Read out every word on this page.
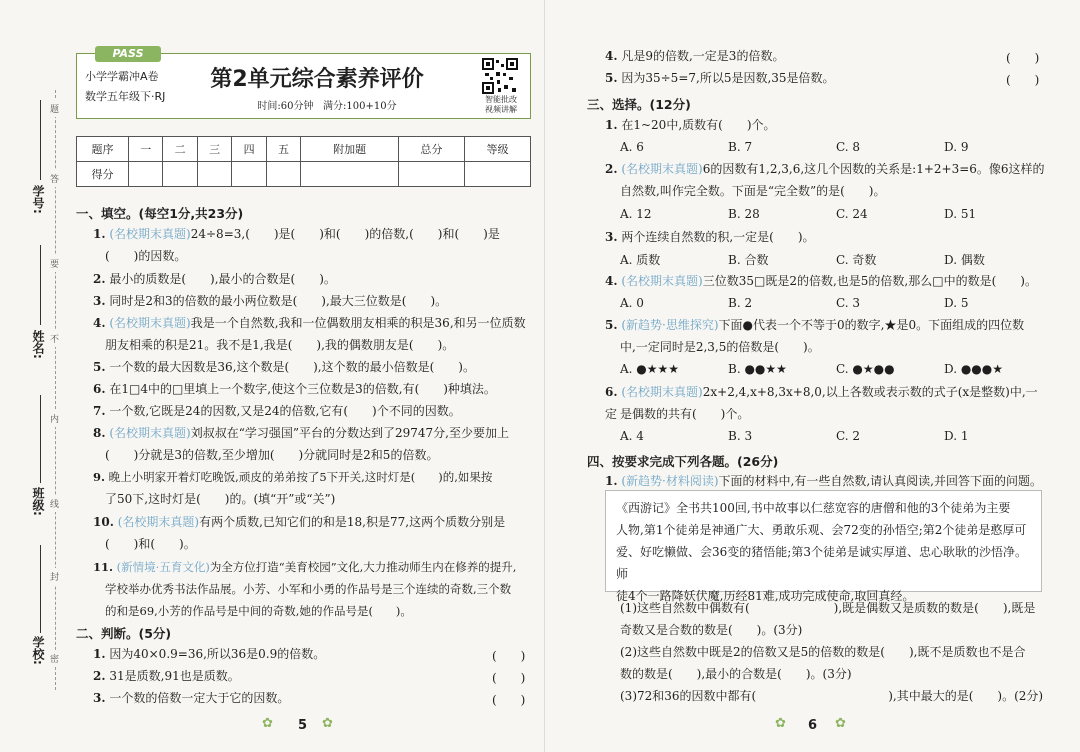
学号:
姓名:
班级:
学校:
题
答
要
不
内
线
封
密
PASS
小学学霸冲A卷
数学五年级下·RJ
第2单元综合素养评价
时间:60分钟 满分:100+10分
智能批改
视频讲解
题序	一	二	三	四	五	附加题	总分	等级
得分								
一、填空。(每空1分,共23分)
1. (名校期末真题)24÷8=3,(　　)是(　　)和(　　)的倍数,(　　)和(　　)是
(　　)的因数。
2. 最小的质数是(　　),最小的合数是(　　)。
3. 同时是2和3的倍数的最小两位数是(　　),最大三位数是(　　)。
4. (名校期末真题)我是一个自然数,我和一位偶数朋友相乘的积是36,和另一位质数
朋友相乘的积是21。我不是1,我是(　　),我的偶数朋友是(　　)。
5. 一个数的最大因数是36,这个数是(　　),这个数的最小倍数是(　　)。
6. 在1□4中的□里填上一个数字,使这个三位数是3的倍数,有(　　)种填法。
7. 一个数,它既是24的因数,又是24的倍数,它有(　　)个不同的因数。
8. (名校期末真题)刘叔叔在“学习强国”平台的分数达到了29747分,至少要加上
(　　)分就是3的倍数,至少增加(　　)分就同时是2和5的倍数。
9. 晚上小明家开着灯吃晚饭,顽皮的弟弟按了5下开关,这时灯是(　　)的,如果按
了50下,这时灯是(　　)的。(填“开”或“关”)
10. (名校期末真题)有两个质数,已知它们的和是18,积是77,这两个质数分别是
(　　)和(　　)。
11. (新情境·五育文化)为全方位打造“美育校园”文化,大力推动师生内在修养的提升,
学校举办优秀书法作品展。小芳、小军和小勇的作品号是三个连续的奇数,三个数
的和是69,小芳的作品号是中间的奇数,她的作品号是(　　)。
二、判断。(5分)
1. 因为40×0.9=36,所以36是0.9的倍数。	(　　)
2. 31是质数,91也是质数。	(　　)
3. 一个数的倍数一定大于它的因数。	(　　)
✿ 5 ✿
4. 凡是9的倍数,一定是3的倍数。	(　　)
5. 因为35÷5=7,所以5是因数,35是倍数。	(　　)
三、选择。(12分)
1. 在1~20中,质数有(　　)个。
A. 6	B. 7	C. 8	D. 9
2. (名校期末真题)6的因数有1,2,3,6,这几个因数的关系是:1+2+3=6。像6这样的
自然数,叫作完全数。下面是“完全数”的是(　　)。
A. 12	B. 28	C. 24	D. 51
3. 两个连续自然数的积,一定是(　　)。
A. 质数	B. 合数	C. 奇数	D. 偶数
4. (名校期末真题)三位数35□既是2的倍数,也是5的倍数,那么□中的数是(　　)。
A. 0	B. 2	C. 3	D. 5
5. (新趋势·思维探究)下面●代表一个不等于0的数字,★是0。下面组成的四位数
中,一定同时是2,3,5的倍数是(　　)。
A. ●★★★	B. ●●★★	C. ●★●●	D. ●●●★
6. (名校期末真题)2x+2,4,x+8,3x+8,0,以上各数或表示数的式子(x是整数)中,一定 是偶数的共有(　　)个。
A. 4	B. 3	C. 2	D. 1
四、按要求完成下列各题。(26分)
1. (新趋势·材料阅读)下面的材料中,有一些自然数,请认真阅读,并回答下面的问题。
《西游记》全书共100回,书中故事以仁慈宽容的唐僧和他的3个徒弟为主要
人物,第1个徒弟是神通广大、勇敢乐观、会72变的孙悟空;第2个徒弟是憨厚可
爱、好吃懒做、会36变的猪悟能;第3个徒弟是诚实厚道、忠心耿耿的沙悟净。师
徒4个一路降妖伏魔,历经81难,成功完成使命,取回真经。
(1)这些自然数中偶数有(　　　　　　　),既是偶数又是质数的数是(　　),既是
奇数又是合数的数是(　　)。(3分)
(2)这些自然数中既是2的倍数又是5的倍数的数是(　　),既不是质数也不是合
数的数是(　　),最小的合数是(　　)。(3分)
(3)72和36的因数中都有(　　　　　　　　　　　),其中最大的是(　　)。(2分)
✿ 6 ✿
